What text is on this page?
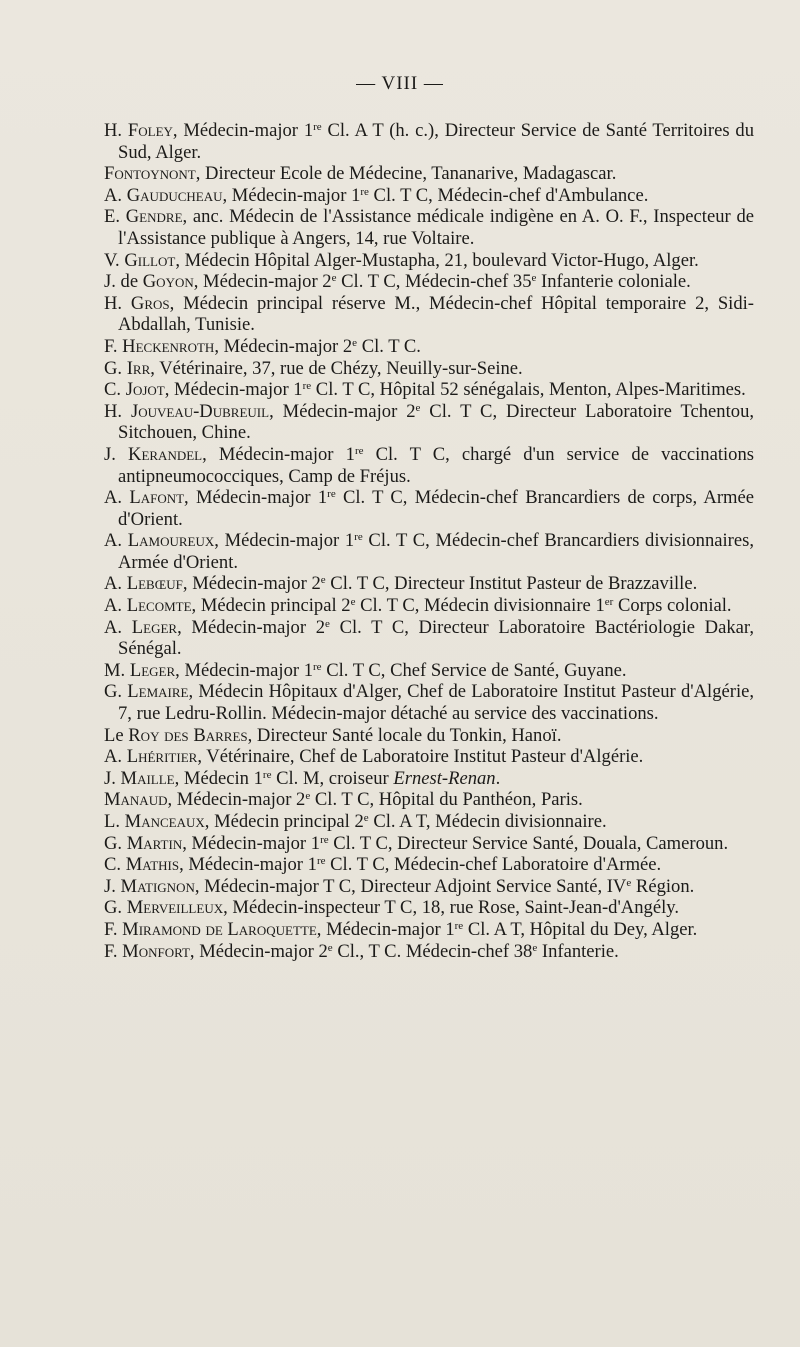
— VIII —

H. Foley, Médecin-major 1re Cl. A T (h. c.), Directeur Service de Santé Territoires du Sud, Alger.

Fontoynont, Directeur Ecole de Médecine, Tananarive, Madagascar.

A. Gauducheau, Médecin-major 1re Cl. T C, Médecin-chef d'Ambulance.

E. Gendre, anc. Médecin de l'Assistance médicale indigène en A. O. F., Inspecteur de l'Assistance publique à Angers, 14, rue Voltaire.

V. Gillot, Médecin Hôpital Alger-Mustapha, 21, boulevard Victor-Hugo, Alger.

J. de Goyon, Médecin-major 2e Cl. T C, Médecin-chef 35e Infanterie coloniale.

H. Gros, Médecin principal réserve M., Médecin-chef Hôpital temporaire 2, Sidi-Abdallah, Tunisie.

F. Heckenroth, Médecin-major 2e Cl. T C.

G. Irr, Vétérinaire, 37, rue de Chézy, Neuilly-sur-Seine.

C. Jojot, Médecin-major 1re Cl. T C, Hôpital 52 sénégalais, Menton, Alpes-Maritimes.

H. Jouveau-Dubreuil, Médecin-major 2e Cl. T C, Directeur Laboratoire Tchentou, Sitchouen, Chine.

J. Kerandel, Médecin-major 1re Cl. T C, chargé d'un service de vaccinations antipneumococciques, Camp de Fréjus.

A. Lafont, Médecin-major 1re Cl. T C, Médecin-chef Brancardiers de corps, Armée d'Orient.

A. Lamoureux, Médecin-major 1re Cl. T C, Médecin-chef Brancardiers divisionnaires, Armée d'Orient.

A. Lebœuf, Médecin-major 2e Cl. T C, Directeur Institut Pasteur de Brazzaville.

A. Lecomte, Médecin principal 2e Cl. T C, Médecin divisionnaire 1er Corps colonial.

A. Leger, Médecin-major 2e Cl. T C, Directeur Laboratoire Bactériologie Dakar, Sénégal.

M. Leger, Médecin-major 1re Cl. T C, Chef Service de Santé, Guyane.

G. Lemaire, Médecin Hôpitaux d'Alger, Chef de Laboratoire Institut Pasteur d'Algérie, 7, rue Ledru-Rollin. Médecin-major détaché au service des vaccinations.

Le Roy des Barres, Directeur Santé locale du Tonkin, Hanoï.

A. Lhéritier, Vétérinaire, Chef de Laboratoire Institut Pasteur d'Algérie.

J. Maille, Médecin 1re Cl. M, croiseur Ernest-Renan.

Manaud, Médecin-major 2e Cl. T C, Hôpital du Panthéon, Paris.

L. Manceaux, Médecin principal 2e Cl. A T, Médecin divisionnaire.

G. Martin, Médecin-major 1re Cl. T C, Directeur Service Santé, Douala, Cameroun.

C. Mathis, Médecin-major 1re Cl. T C, Médecin-chef Laboratoire d'Armée.

J. Matignon, Médecin-major T C, Directeur Adjoint Service Santé, IVe Région.

G. Merveilleux, Médecin-inspecteur T C, 18, rue Rose, Saint-Jean-d'Angély.

F. Miramond de Laroquette, Médecin-major 1re Cl. A T, Hôpital du Dey, Alger.

F. Monfort, Médecin-major 2e Cl., T C. Médecin-chef 38e Infanterie.
